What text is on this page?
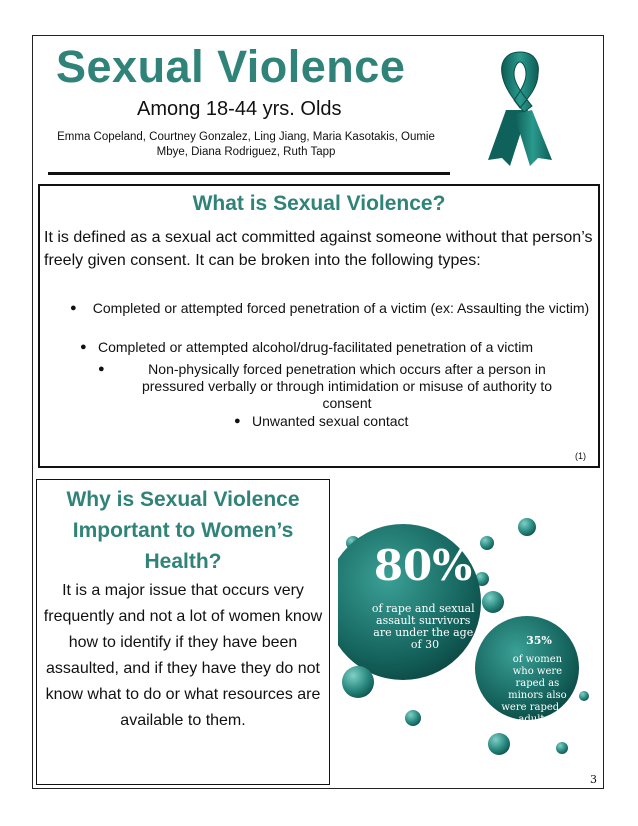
Sexual Violence
Among 18-44 yrs. Olds
Emma Copeland, Courtney Gonzalez, Ling Jiang, Maria Kasotakis, Oumie Mbye, Diana Rodriguez, Ruth Tapp
What is Sexual Violence?

It is defined as a sexual act committed against someone without that person’s freely given consent. It can be broken into the following types:

●	Completed or attempted forced penetration of a victim (ex: Assaulting the victim)
● Completed or attempted alcohol/drug-facilitated penetration of a victim
●	Non-physically forced penetration which occurs after a person in pressured verbally or through intimidation or misuse of authority to consent
● Unwanted sexual contact
(1)
Why is Sexual Violence Important to Women’s Health?

It is a major issue that occurs very frequently and not a lot of women know how to identify if they have been assaulted, and if they have they do not know what to do or what resources are available to them.

80%
of rape and sexual assault survivors are under the age of 30	35%
of women who were raped as minors also were raped as adults	(2)
3
